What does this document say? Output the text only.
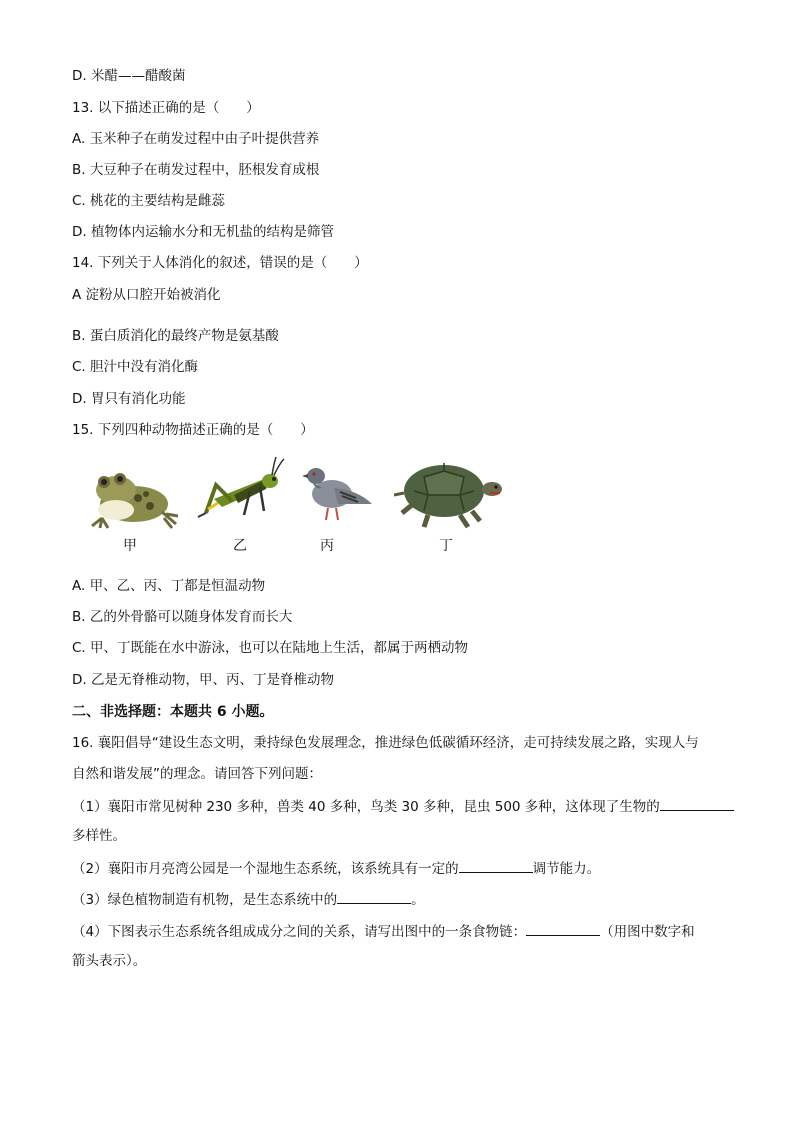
D. 米醋——醋酸菌
13. 以下描述正确的是（　　）
A. 玉米种子在萌发过程中由子叶提供营养
B. 大豆种子在萌发过程中，胚根发育成根
C. 桃花的主要结构是雌蕊
D. 植物体内运输水分和无机盐的结构是筛管
14. 下列关于人体消化的叙述，错误的是（　　）
A 淀粉从口腔开始被消化
B. 蛋白质消化的最终产物是氨基酸
C. 胆汁中没有消化酶
D. 胃只有消化功能
15. 下列四种动物描述正确的是（　　）
甲	乙	丙	丁
A. 甲、乙、丙、丁都是恒温动物
B. 乙的外骨骼可以随身体发育而长大
C. 甲、丁既能在水中游泳，也可以在陆地上生活，都属于两栖动物
D. 乙是无脊椎动物，甲、丙、丁是脊椎动物
二、非选择题：本题共 6 小题。
16. 襄阳倡导“建设生态文明，秉持绿色发展理念，推进绿色低碳循环经济，走可持续发展之路，实现人与
自然和谐发展”的理念。请回答下列问题：
（1）襄阳市常见树种 230 多种，兽类 40 多种，鸟类 30 多种，昆虫 500 多种，这体现了生物的
多样性。
（2）襄阳市月亮湾公园是一个湿地生态系统，该系统具有一定的	调节能力。
（3）绿色植物制造有机物，是生态系统中的	。
（4）下图表示生态系统各组成成分之间的关系，请写出图中的一条食物链：	（用图中数字和
箭头表示）。
